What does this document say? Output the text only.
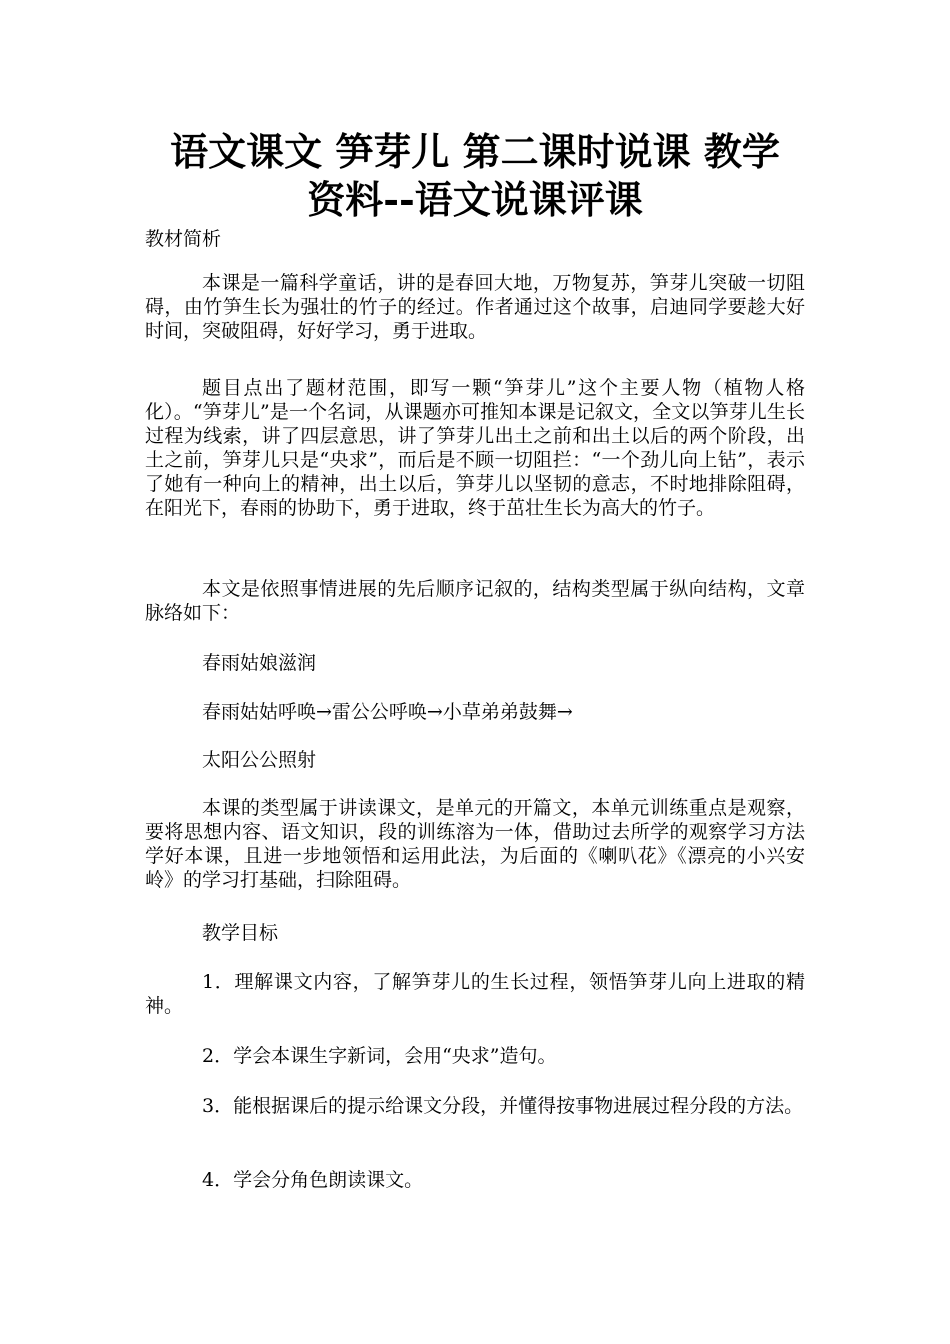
语文课文 笋芽儿 第二课时说课 教学
资料--语文说课评课

教材简析

本课是一篇科学童话，讲的是春回大地，万物复苏，笋芽儿突破一切阻碍，由竹笋生长为强壮的竹子的经过。作者通过这个故事，启迪同学要趁大好时间，突破阻碍，好好学习，勇于进取。

题目点出了题材范围，即写一颗“笋芽儿”这个主要人物（植物人格化）。“笋芽儿”是一个名词，从课题亦可推知本课是记叙文，全文以笋芽儿生长过程为线索，讲了四层意思，讲了笋芽儿出土之前和出土以后的两个阶段，出土之前，笋芽儿只是“央求”，而后是不顾一切阻拦：“一个劲儿向上钻”，表示了她有一种向上的精神，出土以后，笋芽儿以坚韧的意志，不时地排除阻碍，在阳光下，春雨的协助下，勇于进取，终于茁壮生长为高大的竹子。

本文是依照事情进展的先后顺序记叙的，结构类型属于纵向结构，文章脉络如下：

春雨姑娘滋润

春雨姑姑呼唤→雷公公呼唤→小草弟弟鼓舞→

太阳公公照射

本课的类型属于讲读课文，是单元的开篇文，本单元训练重点是观察，要将思想内容、语文知识，段的训练溶为一体，借助过去所学的观察学习方法学好本课，且进一步地领悟和运用此法，为后面的《喇叭花》《漂亮的小兴安岭》的学习打基础，扫除阻碍。

教学目标

1．理解课文内容，了解笋芽儿的生长过程，领悟笋芽儿向上进取的精神。

2．学会本课生字新词，会用“央求”造句。

3．能根据课后的提示给课文分段，并懂得按事物进展过程分段的方法。

4．学会分角色朗读课文。
